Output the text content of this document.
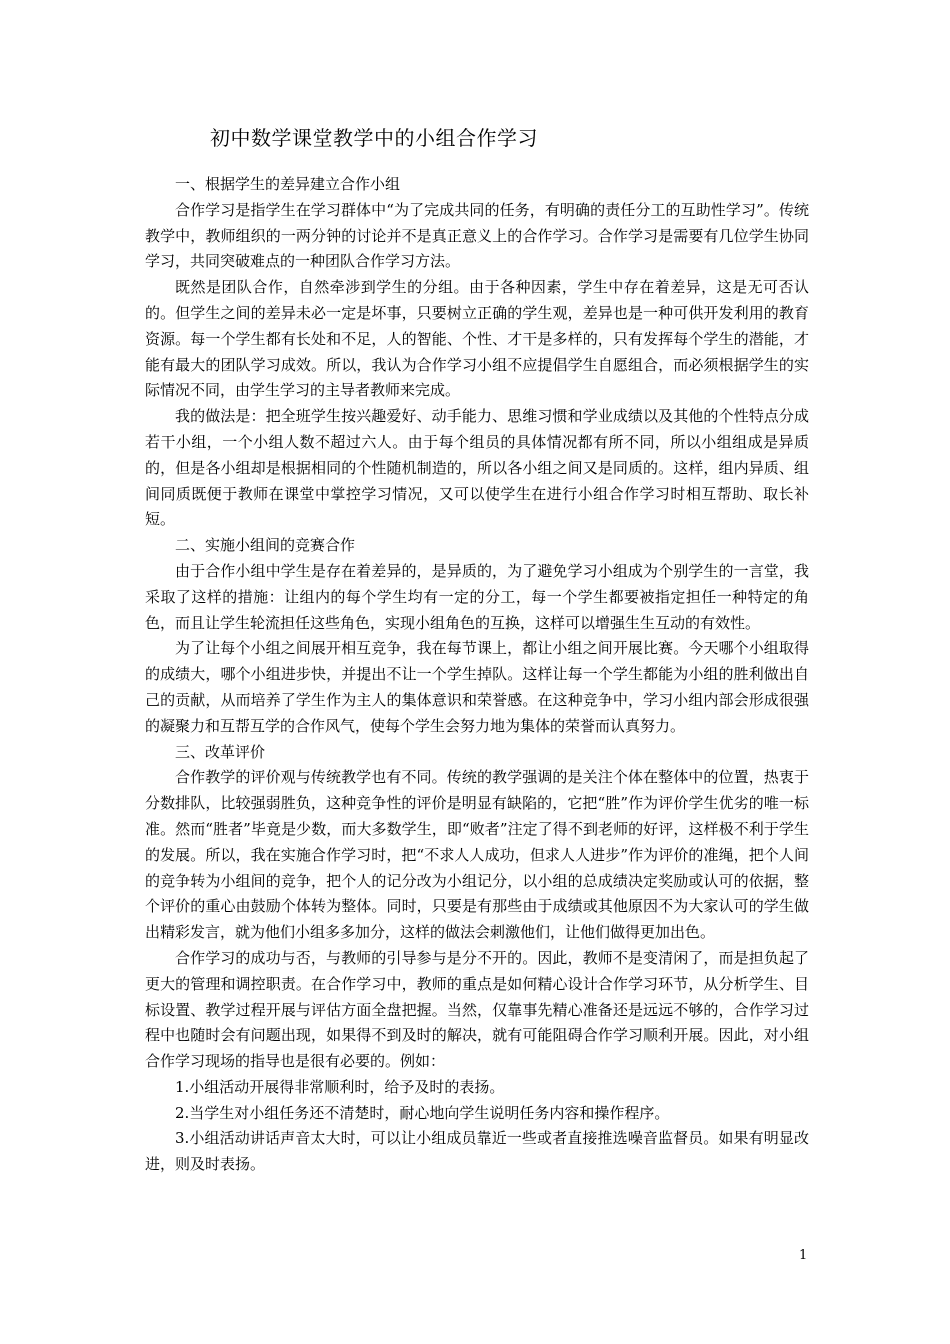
初中数学课堂教学中的小组合作学习
一、根据学生的差异建立合作小组

合作学习是指学生在学习群体中“为了完成共同的任务，有明确的责任分工的互助性学习”。传统教学中，教师组织的一两分钟的讨论并不是真正意义上的合作学习。合作学习是需要有几位学生协同学习，共同突破难点的一种团队合作学习方法。

既然是团队合作，自然牵涉到学生的分组。由于各种因素，学生中存在着差异，这是无可否认的。但学生之间的差异未必一定是坏事，只要树立正确的学生观，差异也是一种可供开发利用的教育资源。每一个学生都有长处和不足，人的智能、个性、才干是多样的，只有发挥每个学生的潜能，才能有最大的团队学习成效。所以，我认为合作学习小组不应提倡学生自愿组合，而必须根据学生的实际情况不同，由学生学习的主导者教师来完成。

我的做法是：把全班学生按兴趣爱好、动手能力、思维习惯和学业成绩以及其他的个性特点分成若干小组，一个小组人数不超过六人。由于每个组员的具体情况都有所不同，所以小组组成是异质的，但是各小组却是根据相同的个性随机制造的，所以各小组之间又是同质的。这样，组内异质、组间同质既便于教师在课堂中掌控学习情况，又可以使学生在进行小组合作学习时相互帮助、取长补短。

二、实施小组间的竞赛合作

由于合作小组中学生是存在着差异的，是异质的，为了避免学习小组成为个别学生的一言堂，我采取了这样的措施：让组内的每个学生均有一定的分工，每一个学生都要被指定担任一种特定的角色，而且让学生轮流担任这些角色，实现小组角色的互换，这样可以增强生生互动的有效性。

为了让每个小组之间展开相互竞争，我在每节课上，都让小组之间开展比赛。今天哪个小组取得的成绩大，哪个小组进步快，并提出不让一个学生掉队。这样让每一个学生都能为小组的胜利做出自己的贡献，从而培养了学生作为主人的集体意识和荣誉感。在这种竞争中，学习小组内部会形成很强的凝聚力和互帮互学的合作风气，使每个学生会努力地为集体的荣誉而认真努力。

三、改革评价

合作教学的评价观与传统教学也有不同。传统的教学强调的是关注个体在整体中的位置，热衷于分数排队，比较强弱胜负，这种竞争性的评价是明显有缺陷的，它把“胜”作为评价学生优劣的唯一标准。然而“胜者”毕竟是少数，而大多数学生，即“败者”注定了得不到老师的好评，这样极不利于学生的发展。所以，我在实施合作学习时，把“不求人人成功，但求人人进步”作为评价的准绳，把个人间的竞争转为小组间的竞争，把个人的记分改为小组记分，以小组的总成绩决定奖励或认可的依据，整个评价的重心由鼓励个体转为整体。同时，只要是有那些由于成绩或其他原因不为大家认可的学生做出精彩发言，就为他们小组多多加分，这样的做法会刺激他们，让他们做得更加出色。

合作学习的成功与否，与教师的引导参与是分不开的。因此，教师不是变清闲了，而是担负起了更大的管理和调控职责。在合作学习中，教师的重点是如何精心设计合作学习环节，从分析学生、目标设置、教学过程开展与评估方面全盘把握。当然，仅靠事先精心准备还是远远不够的，合作学习过程中也随时会有问题出现，如果得不到及时的解决，就有可能阻碍合作学习顺利开展。因此，对小组合作学习现场的指导也是很有必要的。例如：

1.小组活动开展得非常顺利时，给予及时的表扬。

2.当学生对小组任务还不清楚时，耐心地向学生说明任务内容和操作程序。

3.小组活动讲话声音太大时，可以让小组成员靠近一些或者直接推选噪音监督员。如果有明显改进，则及时表扬。

1
